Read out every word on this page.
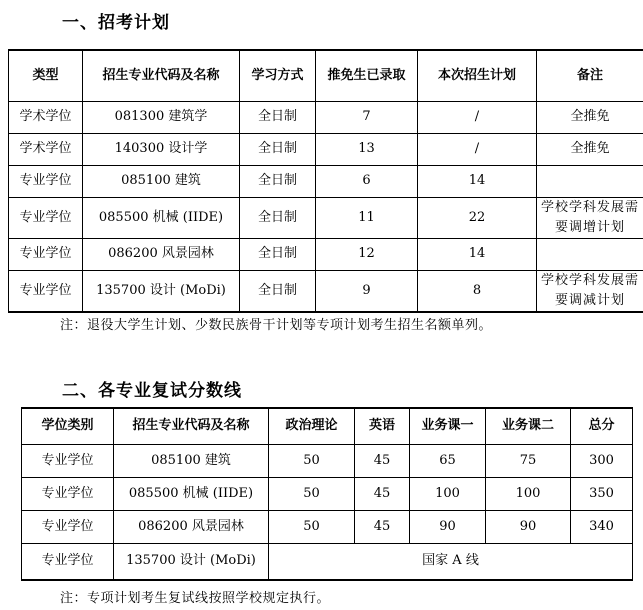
一、招考计划
类型	招生专业代码及名称	学习方式	推免生已录取	本次招生计划	备注
学术学位	081300 建筑学	全日制	7	/	全推免
学术学位	140300 设计学	全日制	13	/	全推免
专业学位	085100 建筑	全日制	6	14	
专业学位	085500 机械 (IIDE)	全日制	11	22	学校学科发展需要调增计划
专业学位	086200 风景园林	全日制	12	14	
专业学位	135700 设计 (MoDi)	全日制	9	8	学校学科发展需要调减计划
注：退役大学生计划、少数民族骨干计划等专项计划考生招生名额单列。
二、各专业复试分数线
学位类别	招生专业代码及名称	政治理论	英语	业务课一	业务课二	总分
专业学位	085100 建筑	50	45	65	75	300
专业学位	085500 机械 (IIDE)	50	45	100	100	350
专业学位	086200 风景园林	50	45	90	90	340
专业学位	135700 设计 (MoDi)	国家 A 线				
注：专项计划考生复试线按照学校规定执行。
